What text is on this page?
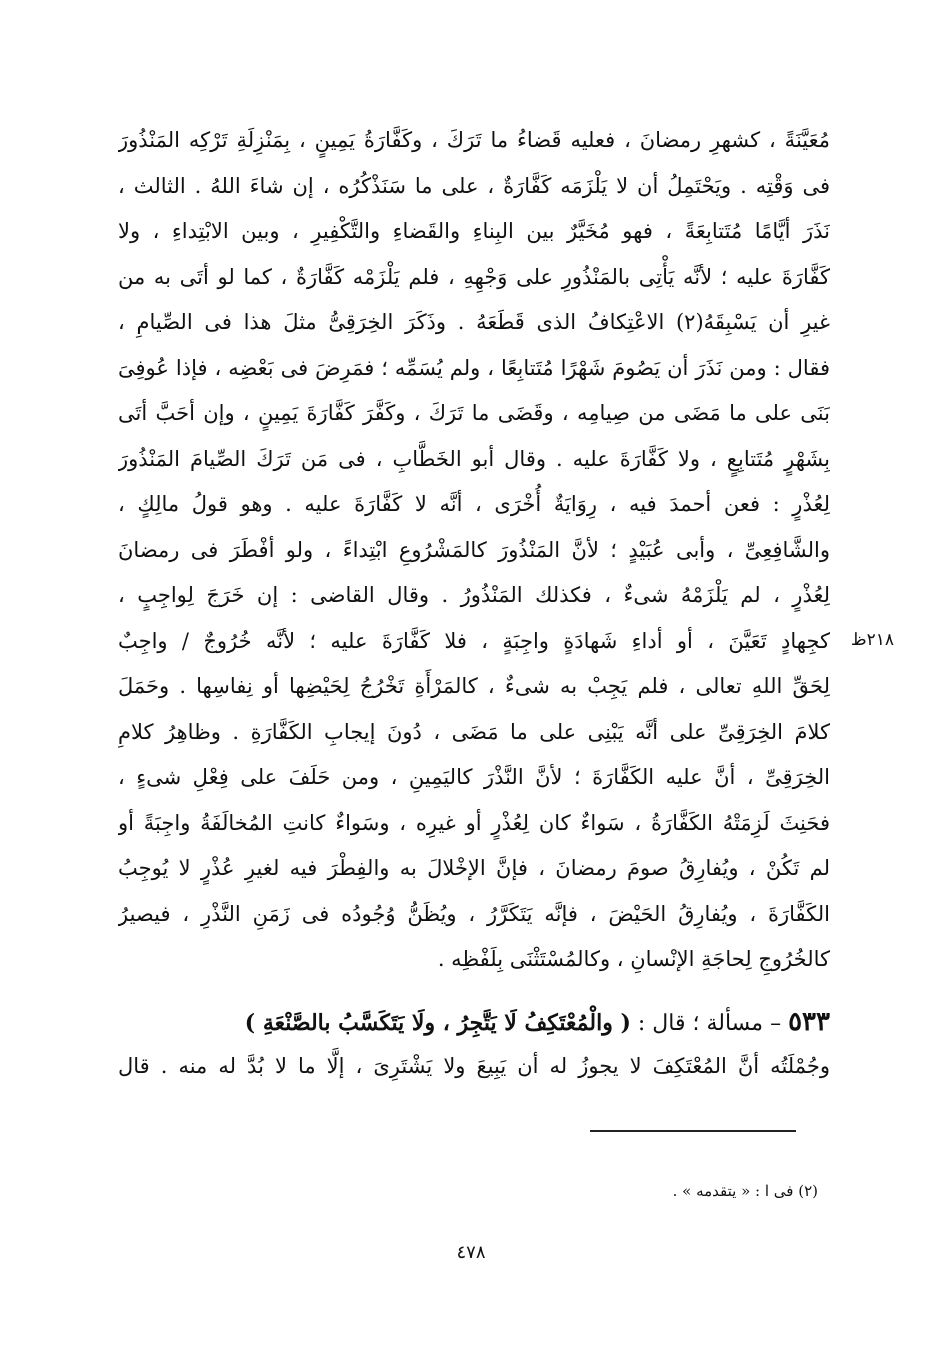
مُعَيَّنَةً ، كشهرِ رمضانَ ، فعليه قَضاءُ ما تَرَكَ ، وكَفَّارَةُ يَمِينٍ ، بِمَنْزِلَةِ تَرْكِه المَنْذُورَ
فى وَقْتِه . ويَحْتَمِلُ أن لا يَلْزَمَه كَفَّارَةٌ ، على ما سَنَذْكُرُه ، إن شاءَ اللهُ . الثالث ،
نَذَرَ أيَّامًا مُتَتابِعَةً ، فهو مُخَيَّرٌ بين البِناءِ والقَضاءِ والتَّكْفِيرِ ، وبين الابْتِداءِ ، ولا
كَفَّارَةَ عليه ؛ لأنَّه يَأْتِى بالمَنْذُورِ على وَجْهِهِ ، فلم يَلْزَمْه كَفَّارَةٌ ، كما لو أتَى به من
غيرِ أن يَسْبِقَهُ(٢) الاعْتِكافُ الذى قَطَعَهُ . وذَكَرَ الخِرَقِىُّ مثلَ هذا فى الصِّيامِ ،
فقال : ومن نَذَرَ أن يَصُومَ شَهْرًا مُتَتابِعًا ، ولم يُسَمِّه ؛ فمَرِضَ فى بَعْضِه ، فإذا عُوفِىَ
بَنَى على ما مَضَى من صِيامِه ، وقَضَى ما تَرَكَ ، وكَفَّرَ كَفَّارَةَ يَمِينٍ ، وإن أحَبَّ أتَى
بِشَهْرٍ مُتَتابِعٍ ، ولا كَفَّارَةَ عليه . وقال أبو الخَطَّابِ ، فى مَن تَرَكَ الصِّيامَ المَنْذُورَ
لِعُذْرٍ : فعن أحمدَ فيه ، رِوَايَةٌ أُخْرَى ، أنَّه لا كَفَّارَةَ عليه . وهو قولُ مالِكٍ ،
والشَّافِعِىِّ ، وأبى عُبَيْدٍ ؛ لأنَّ المَنْذُورَ كالمَشْرُوعِ ابْتِداءً ، ولو أفْطَرَ فى رمضانَ
لِعُذْرٍ ، لم يَلْزَمْهُ شىءٌ ، فكذلك المَنْذُورُ . وقال القاضى : إن خَرَجَ لِواجِبٍ ،
كجِهادٍ تَعَيَّنَ ، أو أداءِ شَهادَةٍ واجِبَةٍ ، فلا كَفَّارَةَ عليه ؛ لأنَّه خُرُوجٌ / واجِبٌ
لِحَقِّ اللهِ تعالى ، فلم يَجِبْ به شىءٌ ، كالمَرْأَةِ تَخْرُجُ لِحَيْضِها أو نِفاسِها . وحَمَلَ
كلامَ الخِرَقِىِّ على أنَّه يَبْنِى على ما مَضَى ، دُونَ إيجابِ الكَفَّارَةِ . وظاهِرُ كلامِ
الخِرَقِىِّ ، أنَّ عليه الكَفَّارَةَ ؛ لأنَّ النَّذْرَ كاليَمِينِ ، ومن حَلَفَ على فِعْلِ شىءٍ ،
فحَنِثَ لَزِمَتْهُ الكَفَّارَةُ ، سَواءٌ كان لِعُذْرٍ أو غيرِه ، وسَواءٌ كانتِ المُخالَفَةُ واجِبَةً أو
لم تَكُنْ ، ويُفارِقُ صومَ رمضانَ ، فإنَّ الإخْلالَ به والفِطْرَ فيه لغيرِ عُذْرٍ لا يُوجِبُ
الكَفَّارَةَ ، ويُفارِقُ الحَيْضَ ، فإنَّه يَتَكَرَّرُ ، ويُظَنُّ وُجُودُه فى زَمَنِ النَّذْرِ ، فيصيرُ
كالخُرُوجِ لِحاجَةِ الإنْسانِ ، وكالمُسْتَثْنَى بِلَفْظِه .
٢١٨ظ
٥٣٣ – مسألة ؛ قال : ( والْمُعْتَكِفُ لَا يَتَّجِرُ ، ولَا يَتَكَسَّبُ بالصَّنْعَةِ )
وجُمْلَتُه أنَّ المُعْتَكِفَ لا يجوزُ له أن يَبِيعَ ولا يَشْتَرِىَ ، إلَّا ما لا بُدَّ له منه . قال
(٢) فى ا : « يتقدمه » .
٤٧٨
